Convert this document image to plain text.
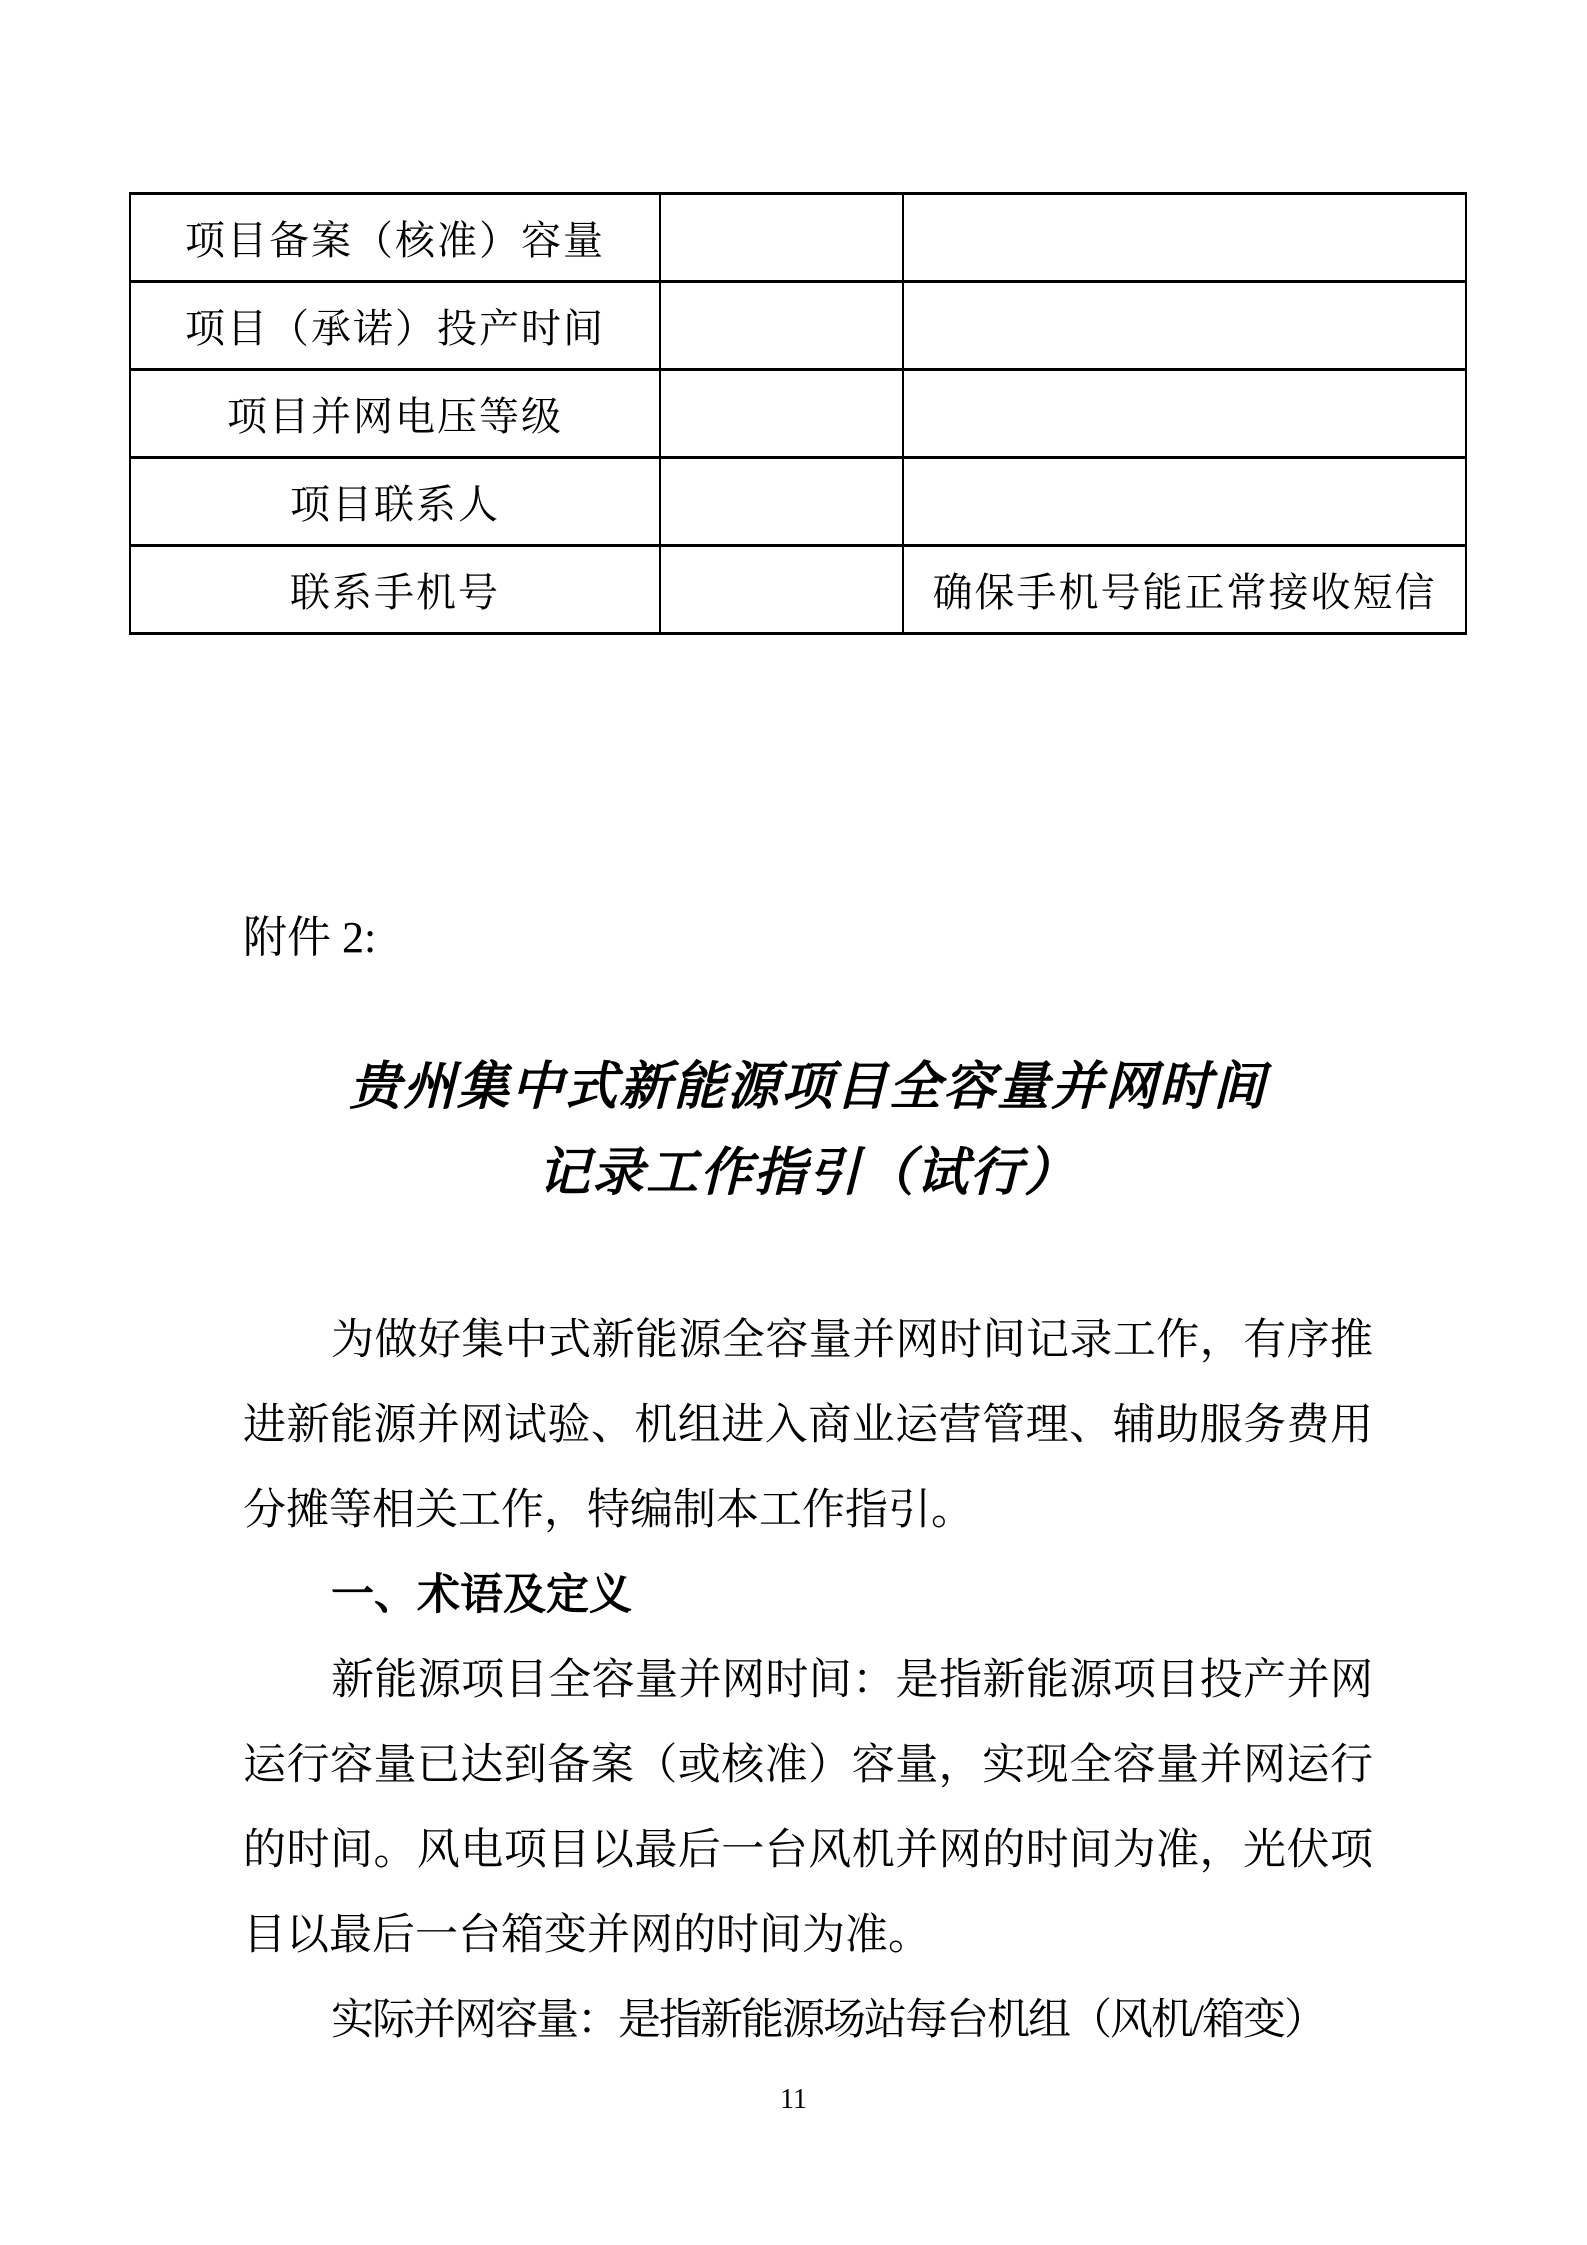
项目备案（核准）容量		
项目（承诺）投产时间		
项目并网电压等级		
项目联系人		
联系手机号		确保手机号能正常接收短信
附件 2:
贵州集中式新能源项目全容量并网时间
记录工作指引（试行）
为做好集中式新能源全容量并网时间记录工作，有序推
进新能源并网试验、机组进入商业运营管理、辅助服务费用
分摊等相关工作，特编制本工作指引。
一、术语及定义
新能源项目全容量并网时间：是指新能源项目投产并网
运行容量已达到备案（或核准）容量，实现全容量并网运行
的时间。风电项目以最后一台风机并网的时间为准，光伏项
目以最后一台箱变并网的时间为准。
实际并网容量：是指新能源场站每台机组（风机/箱变）
11
